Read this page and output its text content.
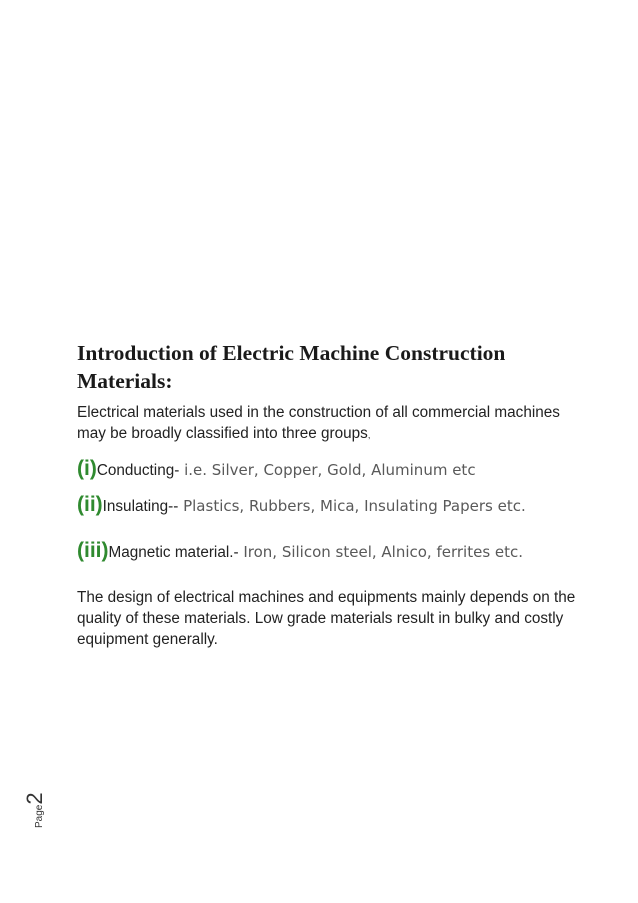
Introduction of Electric Machine Construction
Materials:

Electrical materials used in the construction of all commercial machines may be broadly classified into three groups,

(i)Conducting- i.e. Silver, Copper, Gold, Aluminum etc

(ii)Insulating-- Plastics, Rubbers, Mica, Insulating Papers etc.

(iii)Magnetic material.- Iron, Silicon steel, Alnico, ferrites etc.

The design of electrical machines and equipments mainly depends on the quality of these materials. Low grade materials result in bulky and costly equipment generally.

Page2
